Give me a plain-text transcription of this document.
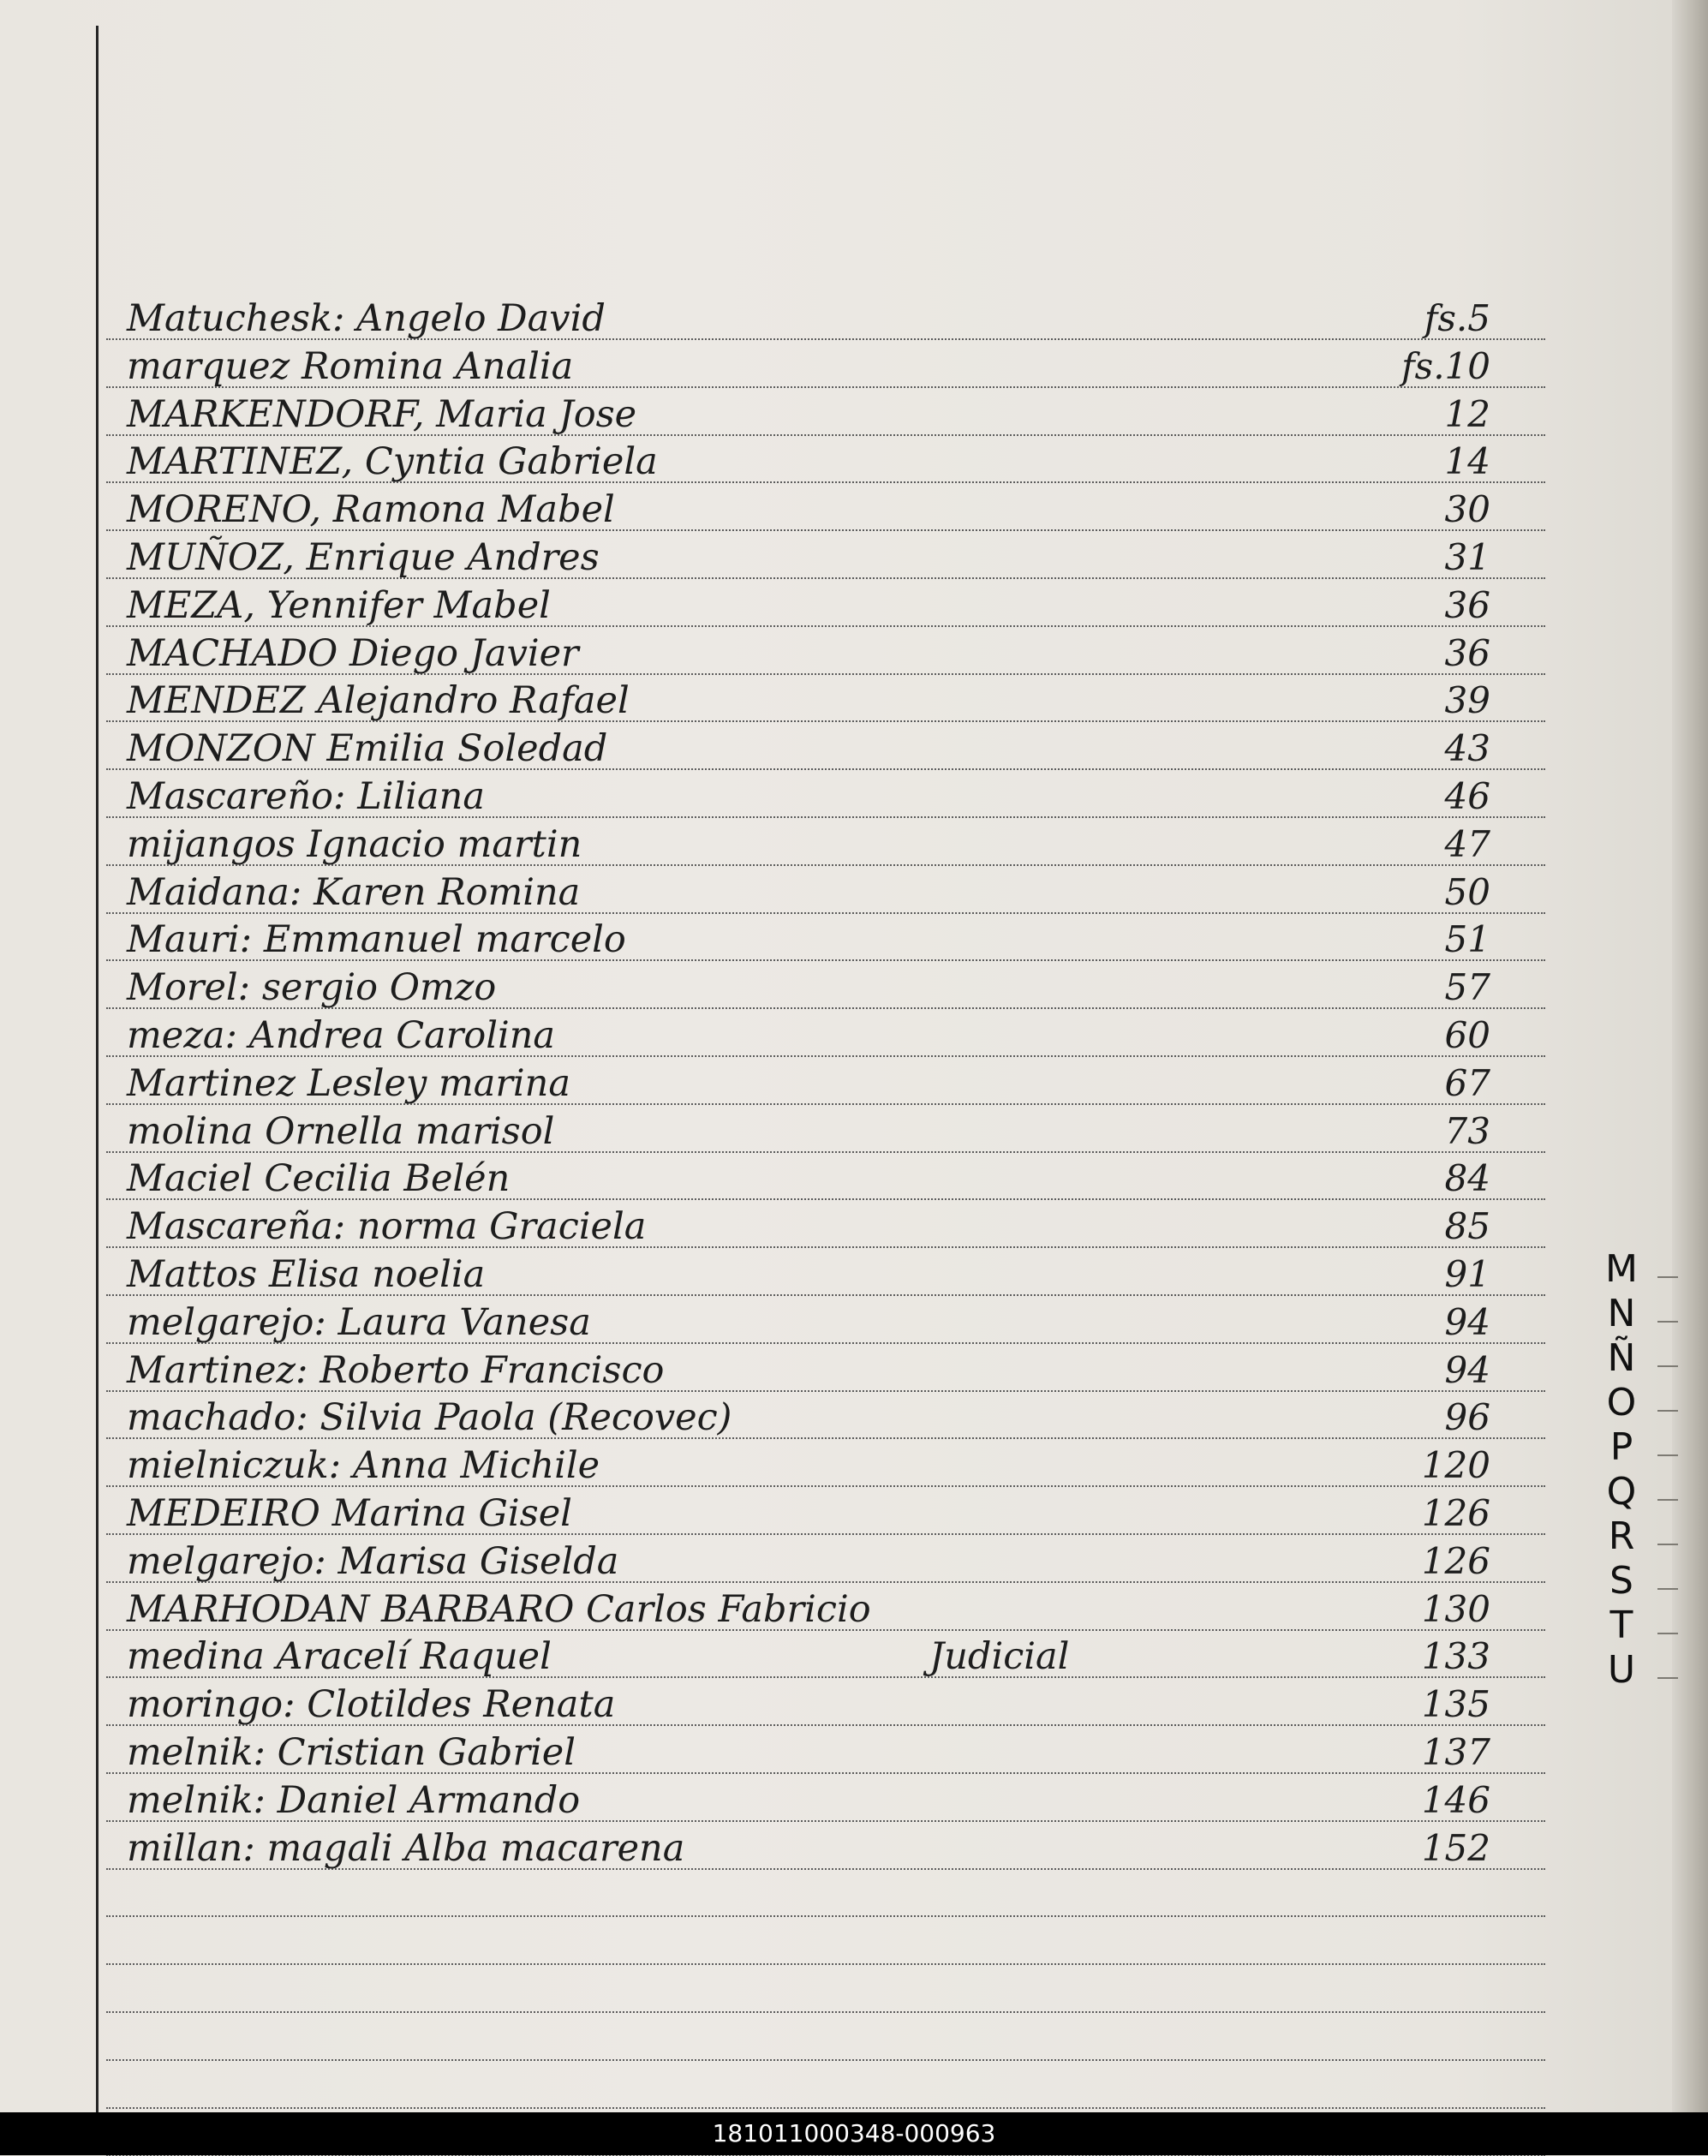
Matuchesk: Angelo David	fs.5
marquez Romina Analia	fs.10
MARKENDORF, Maria Jose	12
MARTINEZ, Cyntia Gabriela	14
MORENO, Ramona Mabel	30
MUÑOZ, Enrique Andres	31
MEZA, Yennifer Mabel	36
MACHADO Diego Javier	36
MENDEZ Alejandro Rafael	39
MONZON Emilia Soledad	43
Mascareño: Liliana	46
mijangos Ignacio martin	47
Maidana: Karen Romina	50
Mauri: Emmanuel marcelo	51
Morel: sergio Omzo	57
meza: Andrea Carolina	60
Martinez Lesley marina	67
molina Ornella marisol	73
Maciel Cecilia Belén	84
Mascareña: norma Graciela	85
Mattos Elisa noelia	91
melgarejo: Laura Vanesa	94
Martinez: Roberto Francisco	94
machado: Silvia Paola (Recovec)	96
mielniczuk: Anna Michile	120
MEDEIRO Marina Gisel	126
melgarejo: Marisa Giselda	126
MARHODAN BARBARO Carlos Fabricio	130
medina Aracelí Raquel	Judicial	133
moringo: Clotildes Renata	135
melnik: Cristian Gabriel	137
melnik: Daniel Armando	146
millan: magali Alba macarena	152
M
N
Ñ
O
P
Q
R
S
T
U
181011000348-000963
